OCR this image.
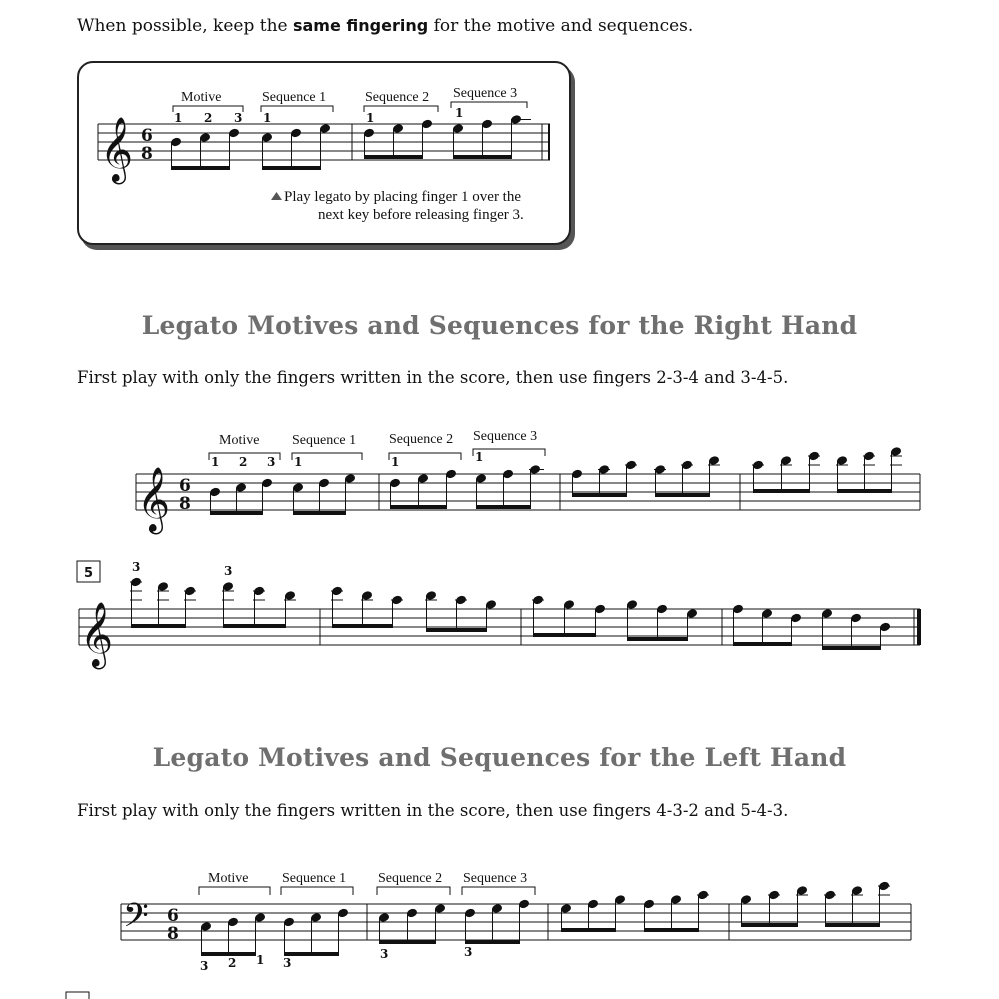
When possible, keep the same fingering for the motive and sequences.
Legato Motives and Sequences for the Right Hand
First play with only the fingers written in the score, then use fingers 2-3-4 and 3-4-5.
Legato Motives and Sequences for the Left Hand
First play with only the fingers written in the score, then use fingers 4-3-2 and 5-4-3.
𝄞 6
8
Motive	Sequence 1	Sequence 2 Sequence 3
1 2 3 1	1	1
Play legato by placing finger 1 over the
next key before releasing finger 3.
𝄞 6
8
Motive Sequence 1 Sequence 2 Sequence 3
1 2 3 1	1	1
5
𝄞
3	3
𝄢 6
8
Motive Sequence 1 Sequence 2 Sequence 3
3 2 1 3
3	3
